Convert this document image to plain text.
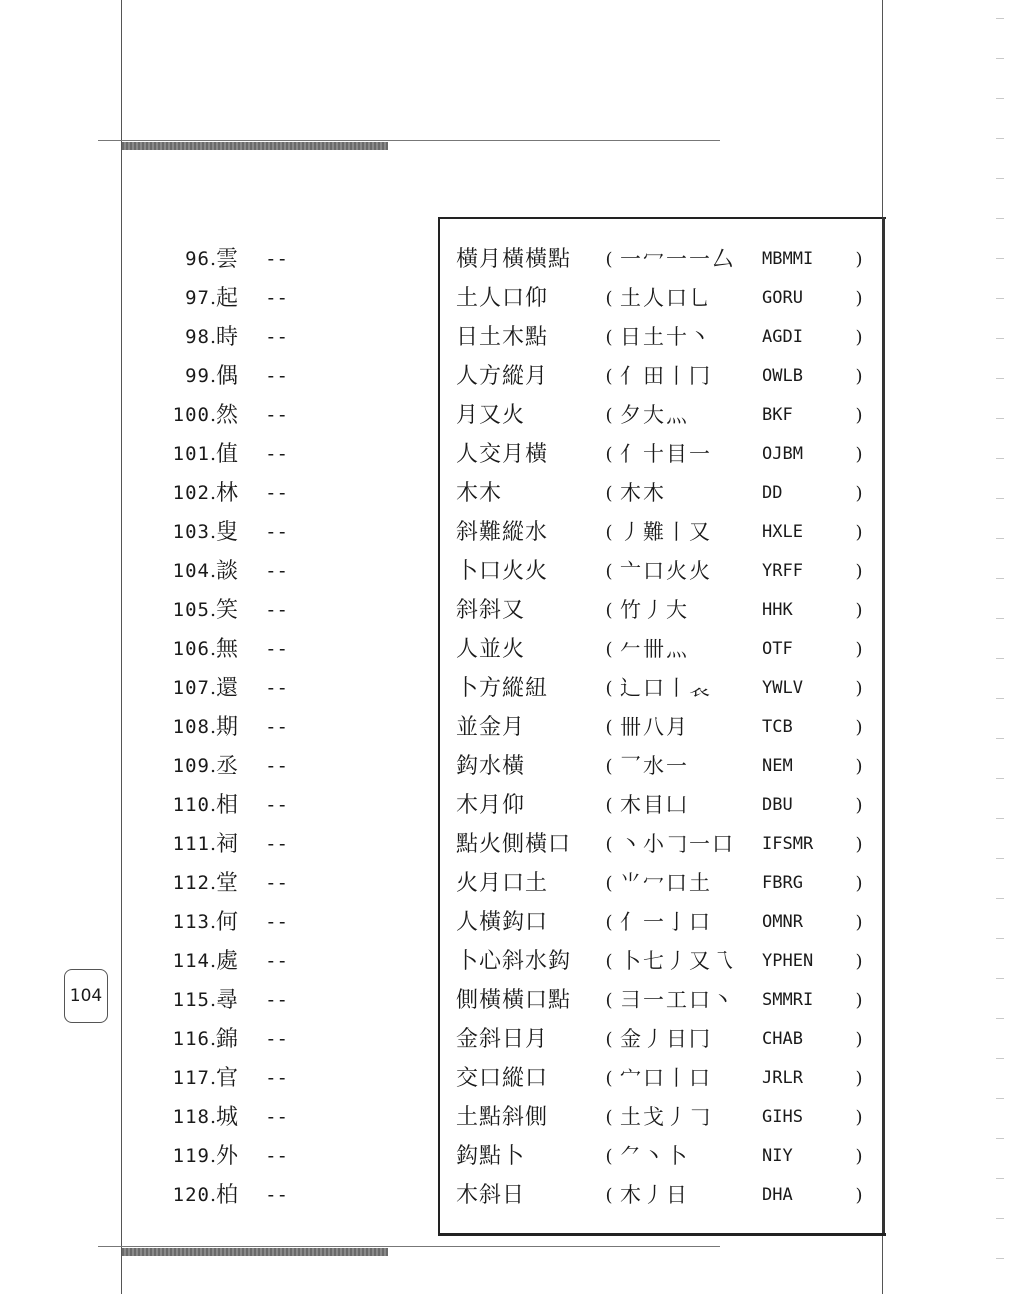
104
96 . 雲	--
97 . 起	--
98 . 時	--
99 . 偶	--
100 . 然	--
101 . 值	--
102 . 林	--
103 . 叟	--
104 . 談	--
105 . 笑	--
106 . 無	--
107 . 還	--
108 . 期	--
109 . 丞	--
110 . 相	--
111 . 祠	--
112 . 堂	--
113 . 何	--
114 . 處	--
115 . 尋	--
116 . 錦	--
117 . 官	--
118 . 城	--
119 . 外	--
120 . 柏	--
橫月橫橫點	( 一冖一一厶	MBMMI	)
土人口仰	( 土人口乚	GORU	)
日土木點	( 日土十丶	AGDI	)
人方縱月	( 亻田丨冂	OWLB	)
月又火	( 夕大灬	BKF	)
人交月橫	( 亻十目一	OJBM	)
木木	( 木木	DD	)
斜難縱水	( 丿難丨又	HXLE	)
卜口火火	( 亠口火火	YRFF	)
斜斜又	( 竹丿大	HHK	)
人並火	( 𠂉卌灬	OTF	)
卜方縱紐	( 辶口丨𧘇	YWLV	)
並金月	( 卌八月	TCB	)
鈎水橫	( 乛水一	NEM	)
木月仰	( 木目凵	DBU	)
點火側橫口	( 丶小𠃌一口	IFSMR	)
火月口土	( ⺌冖口土	FBRG	)
人橫鈎口	( 亻一亅口	OMNR	)
卜心斜水鈎	( 卜七丿又乁	YPHEN	)
側橫橫口點	( 彐一工口丶	SMMRI	)
金斜日月	( 金丿日冂	CHAB	)
交口縱口	( 宀口丨口	JRLR	)
土點斜側	( 土戈丿𠃌	GIHS	)
鈎點卜	( ⺈丶卜	NIY	)
木斜日	( 木丿日	DHA	)
